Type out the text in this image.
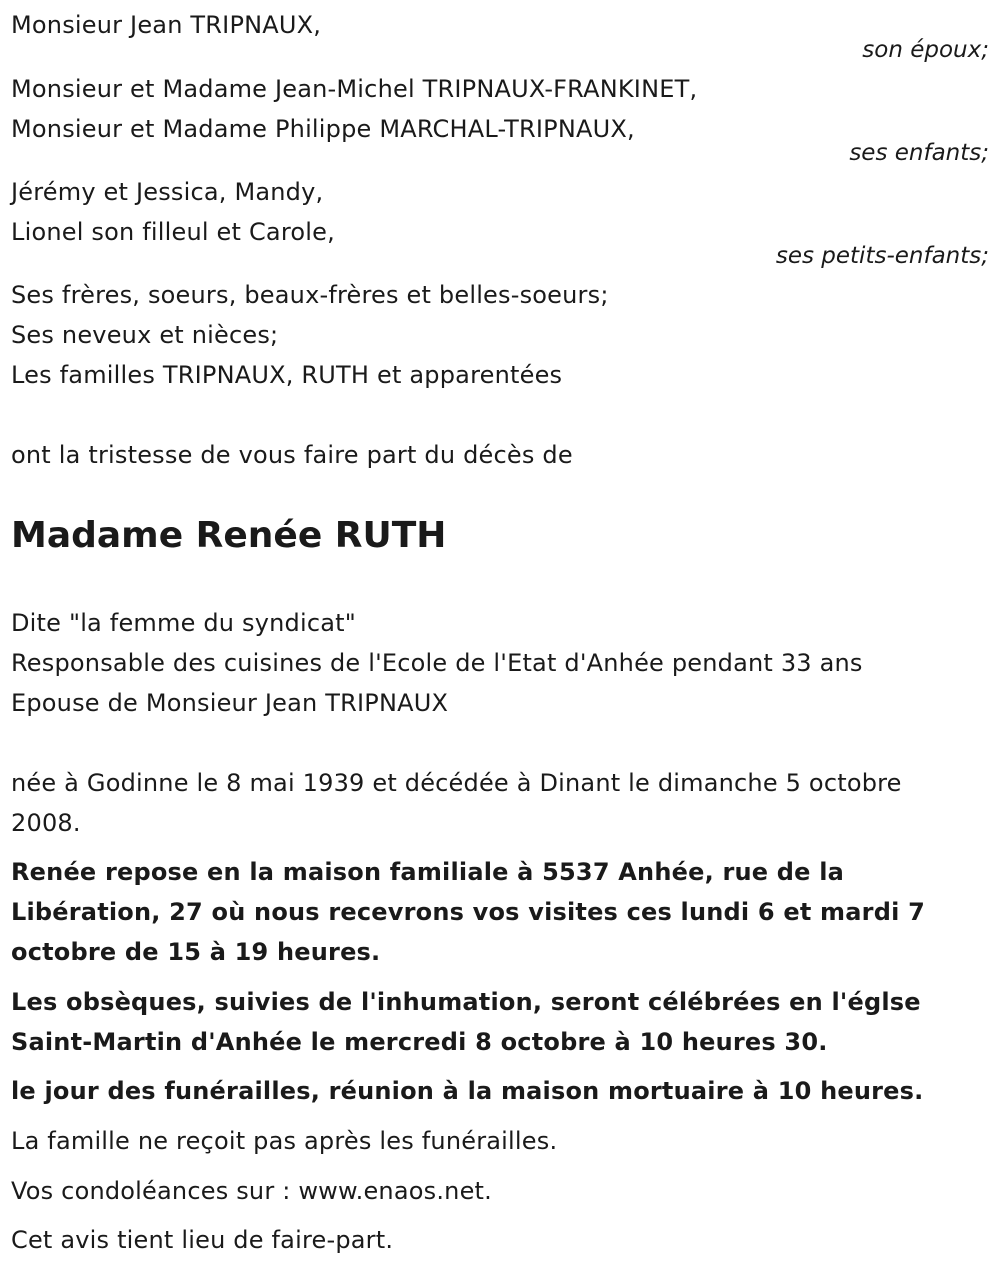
Monsieur Jean TRIPNAUX,
son époux;
Monsieur et Madame Jean-Michel TRIPNAUX-FRANKINET,
Monsieur et Madame Philippe MARCHAL-TRIPNAUX,
ses enfants;
Jérémy et Jessica, Mandy,
Lionel son filleul et Carole,
ses petits-enfants;
Ses frères, soeurs, beaux-frères et belles-soeurs;
Ses neveux et nièces;
Les familles TRIPNAUX, RUTH et apparentées
ont la tristesse de vous faire part du décès de
Madame Renée RUTH
Dite "la femme du syndicat"
Responsable des cuisines de l'Ecole de l'Etat d'Anhée pendant 33 ans
Epouse de Monsieur Jean TRIPNAUX
née à Godinne le 8 mai 1939 et décédée à Dinant le dimanche 5 octobre
2008.
Renée repose en la maison familiale à 5537 Anhée, rue de la
Libération, 27 où nous recevrons vos visites ces lundi 6 et mardi 7
octobre de 15 à 19 heures.
Les obsèques, suivies de l'inhumation, seront célébrées en l'églse
Saint-Martin d'Anhée le mercredi 8 octobre à 10 heures 30.
le jour des funérailles, réunion à la maison mortuaire à 10 heures.
La famille ne reçoit pas après les funérailles.
Vos condoléances sur : www.enaos.net.
Cet avis tient lieu de faire-part.
